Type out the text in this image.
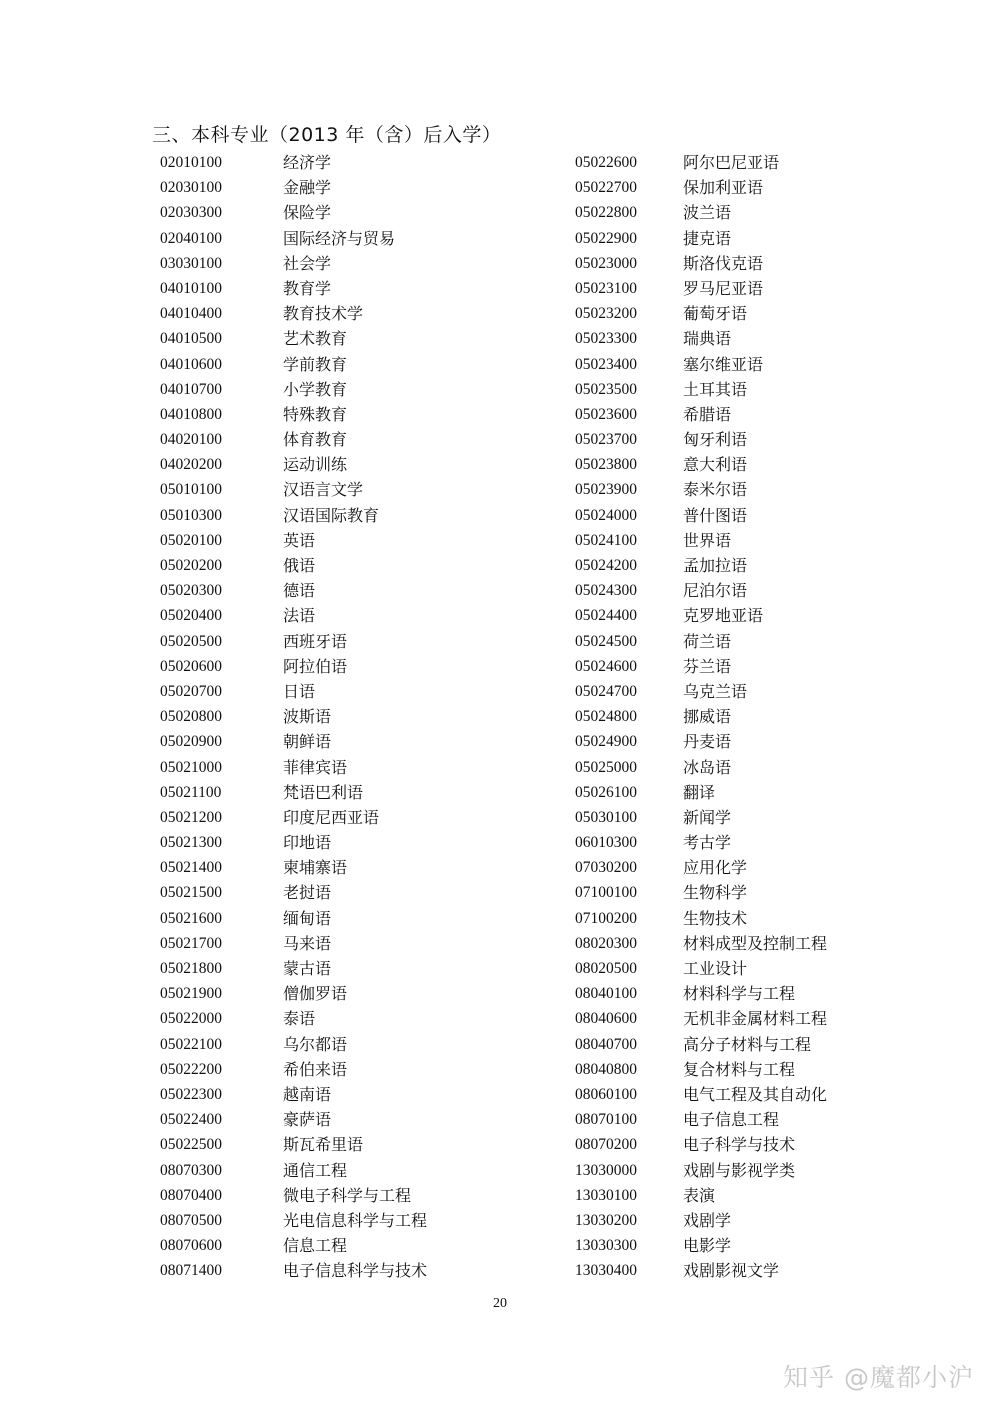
三、本科专业（2013 年（含）后入学）
02010100	经济学
02030100	金融学
02030300	保险学
02040100	国际经济与贸易
03030100	社会学
04010100	教育学
04010400	教育技术学
04010500	艺术教育
04010600	学前教育
04010700	小学教育
04010800	特殊教育
04020100	体育教育
04020200	运动训练
05010100	汉语言文学
05010300	汉语国际教育
05020100	英语
05020200	俄语
05020300	德语
05020400	法语
05020500	西班牙语
05020600	阿拉伯语
05020700	日语
05020800	波斯语
05020900	朝鲜语
05021000	菲律宾语
05021100	梵语巴利语
05021200	印度尼西亚语
05021300	印地语
05021400	柬埔寨语
05021500	老挝语
05021600	缅甸语
05021700	马来语
05021800	蒙古语
05021900	僧伽罗语
05022000	泰语
05022100	乌尔都语
05022200	希伯来语
05022300	越南语
05022400	豪萨语
05022500	斯瓦希里语
08070300	通信工程
08070400	微电子科学与工程
08070500	光电信息科学与工程
08070600	信息工程
08071400	电子信息科学与技术
05022600	阿尔巴尼亚语
05022700	保加利亚语
05022800	波兰语
05022900	捷克语
05023000	斯洛伐克语
05023100	罗马尼亚语
05023200	葡萄牙语
05023300	瑞典语
05023400	塞尔维亚语
05023500	土耳其语
05023600	希腊语
05023700	匈牙利语
05023800	意大利语
05023900	泰米尔语
05024000	普什图语
05024100	世界语
05024200	孟加拉语
05024300	尼泊尔语
05024400	克罗地亚语
05024500	荷兰语
05024600	芬兰语
05024700	乌克兰语
05024800	挪威语
05024900	丹麦语
05025000	冰岛语
05026100	翻译
05030100	新闻学
06010300	考古学
07030200	应用化学
07100100	生物科学
07100200	生物技术
08020300	材料成型及控制工程
08020500	工业设计
08040100	材料科学与工程
08040600	无机非金属材料工程
08040700	高分子材料与工程
08040800	复合材料与工程
08060100	电气工程及其自动化
08070100	电子信息工程
08070200	电子科学与技术
13030000	戏剧与影视学类
13030100	表演
13030200	戏剧学
13030300	电影学
13030400	戏剧影视文学
20
知乎 @魔都小沪
